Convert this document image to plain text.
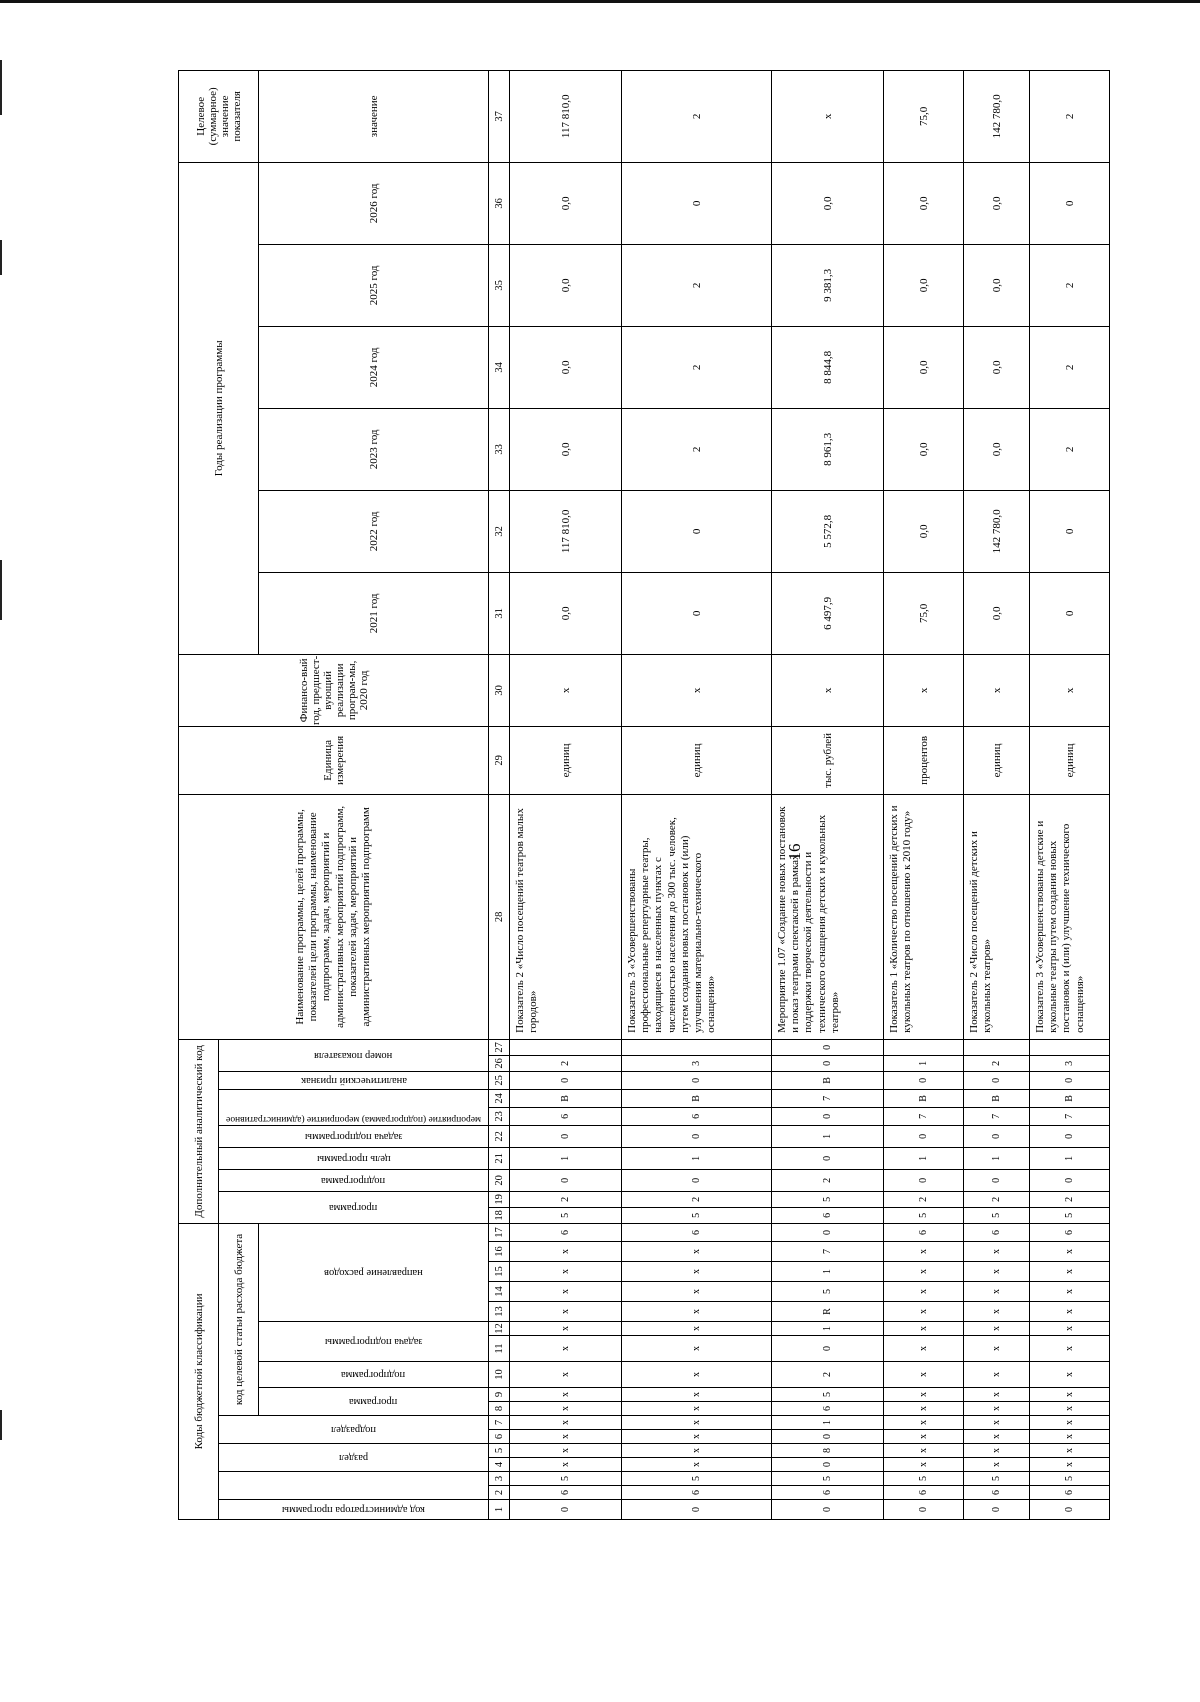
16
Коды бюджетной классификации																	Дополнительный аналитический код										Наименование программы, целей программы, показателей цели программы, наименование подпрограмм, задач, мероприятий и административных мероприятий подпрограмм, показателей задач, мероприятий и административных мероприятий подпрограмм	Единица измерения	Финансо-вый год, предшест-вующий реализации програм-мы, 2020 год	Годы реализации программы						Целевое (суммарное) значение показателя

код администратора программы			раздел		подраздел		код целевой статьи расхода бюджета										программа		подпрограмма	цель программы	задача подпрограммы	мероприятие (подпрограмма) мероприятие (административное		аналитический признак	номер показателя											

							программа		подпрограмма	задача подпрограммы		направление расходов																		2021 год	2022 год	2023 год	2024 год	2025 год	2026 год	значение
1	2	3	4	5	6	7	8	9	10	11	12	13	14	15	16	17	18	19	20	21	22	23	24	25	26	27	28	29	30	31	32	33	34	35	36	37
0	6	5	х	х	х	х	х	х	х	х	х	х	х	х	х	6	5	2	0	1	0	6	В	0	2		Показатель 2 «Число посещений театров малых городов»	единиц	х	0,0	117 810,0	0,0	0,0	0,0	0,0	117 810,0
0	6	5	х	х	х	х	х	х	х	х	х	х	х	х	х	6	5	2	0	1	0	6	В	0	3		Показатель 3 «Усовершенствованы профессиональные репертуарные театры, находящиеся в населенных пунктах с численностью населения до 300 тыс. человек, путем создания новых постановок и (или) улучшения материально-технического оснащения»	единиц	х	0	0	2	2	2	0	2
0	6	5	0	8	0	1	6	5	2	0	1	R	5	1	7	0	6	5	2	0	1	0	7	В	0	0	Мероприятие 1.07 «Создание новых постановок и показ театрами спектаклей в рамках поддержки творческой деятельности и технического оснащения детских и кукольных театров»	тыс. рублей	х	6 497,9	5 572,8	8 961,3	8 844,8	9 381,3	0,0	х
0	6	5	х	х	х	х	х	х	х	х	х	х	х	х	х	6	5	2	0	1	0	7	В	0	1		Показатель 1 «Количество посещений детских и кукольных театров по отношению к 2010 году»	процентов	х	75,0	0,0	0,0	0,0	0,0	0,0	75,0
0	6	5	х	х	х	х	х	х	х	х	х	х	х	х	х	6	5	2	0	1	0	7	В	0	2		Показатель 2 «Число посещений детских и кукольных театров»	единиц	х	0,0	142 780,0	0,0	0,0	0,0	0,0	142 780,0
0	6	5	х	х	х	х	х	х	х	х	х	х	х	х	х	6	5	2	0	1	0	7	В	0	3		Показатель 3 «Усовершенствованы детские и кукольные театры путем создания новых постановок и (или) улучшение технического оснащения»	единиц	х	0	0	2	2	2	0	2
